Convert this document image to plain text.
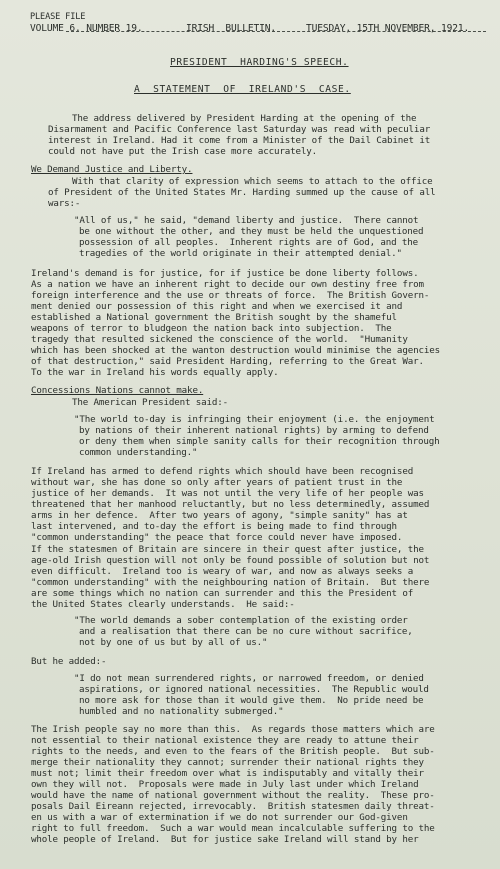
PLEASE FILE
VOLUME 6. NUMBER 19.	IRISH  BULLETIN.	TUESDAY, 15TH NOVEMBER, 1921.
PRESIDENT  HARDING'S SPEECH.
A  STATEMENT  OF  IRELAND'S  CASE.
The address delivered by President Harding at the opening of the
Disarmament and Pacific Conference last Saturday was read with peculiar
interest in Ireland. Had it come from a Minister of the Dail Cabinet it
could not have put the Irish case more accurately.
We Demand Justice and Liberty.
With that clarity of expression which seems to attach to the office
of President of the United States Mr. Harding summed up the cause of all
wars:-
"All of us," he said, "demand liberty and justice.  There cannot
be one without the other, and they must be held the unquestioned
possession of all peoples.  Inherent rights are of God, and the
tragedies of the world originate in their attempted denial."
Ireland's demand is for justice, for if justice be done liberty follows.
As a nation we have an inherent right to decide our own destiny free from
foreign interference and the use or threats of force.  The British Govern-
ment denied our possession of this right and when we exercised it and
established a National government the British sought by the shameful
weapons of terror to bludgeon the nation back into subjection.  The
tragedy that resulted sickened the conscience of the world.  "Humanity
which has been shocked at the wanton destruction would minimise the agencies
of that destruction," said President Harding, referring to the Great War.
To the war in Ireland his words equally apply.
Concessions Nations cannot make.
The American President said:-
"The world to-day is infringing their enjoyment (i.e. the enjoyment
by nations of their inherent national rights) by arming to defend
or deny them when simple sanity calls for their recognition through
common understanding."
If Ireland has armed to defend rights which should have been recognised
without war, she has done so only after years of patient trust in the
justice of her demands.  It was not until the very life of her people was
threatened that her manhood reluctantly, but no less determinedly, assumed
arms in her defence.  After two years of agony, "simple sanity" has at
last intervened, and to-day the effort is being made to find through
"common understanding" the peace that force could never have imposed.
If the statesmen of Britain are sincere in their quest after justice, the
age-old Irish question will not only be found possible of solution but not
even difficult.  Ireland too is weary of war, and now as always seeks a
"common understanding" with the neighbouring nation of Britain.  But there
are some things which no nation can surrender and this the President of
the United States clearly understands.  He said:-
"The world demands a sober contemplation of the existing order
and a realisation that there can be no cure without sacrifice,
not by one of us but by all of us."
But he added:-
"I do not mean surrendered rights, or narrowed freedom, or denied
aspirations, or ignored national necessities.  The Republic would
no more ask for those than it would give them.  No pride need be
humbled and no nationality submerged."
The Irish people say no more than this.  As regards those matters which are
not essential to their national existence they are ready to attune their
rights to the needs, and even to the fears of the British people.  But sub-
merge their nationality they cannot; surrender their national rights they
must not; limit their freedom over what is indisputably and vitally their
own they will not.  Proposals were made in July last under which Ireland
would have the name of national government without the reality.  These pro-
posals Dail Eireann rejected, irrevocably.  British statesmen daily threat-
en us with a war of extermination if we do not surrender our God-given
right to full freedom.  Such a war would mean incalculable suffering to the
whole people of Ireland.  But for justice sake Ireland will stand by her
